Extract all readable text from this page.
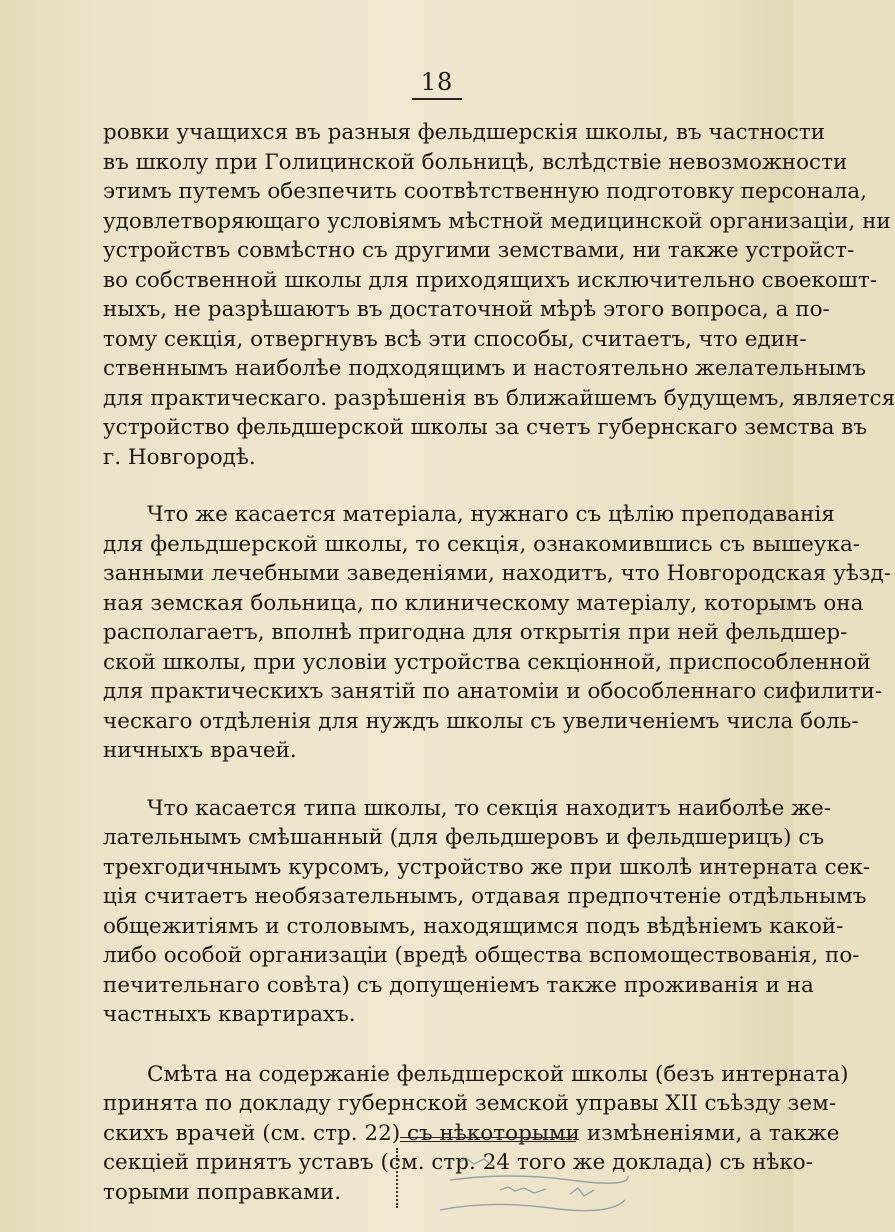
18
ровки учащихся въ разныя фельдшерскія школы, въ частности
въ школу при Голицинской больницѣ, вслѣдствіе невозможности
этимъ путемъ обезпечить соотвѣтственную подготовку персонала,
удовлетворяющаго условіямъ мѣстной медицинской организаціи, ни
устройствъ совмѣстно съ другими земствами, ни также устройст-
во собственной школы для приходящихъ исключительно своекошт-
ныхъ, не разрѣшаютъ въ достаточной мѣрѣ этого вопроса, а по-
тому секція, отвергнувъ всѣ эти способы, считаетъ, что един-
ственнымъ наиболѣе подходящимъ и настоятельно желательнымъ
для практическаго. разрѣшенія въ ближайшемъ будущемъ, является
устройство фельдшерской школы за счетъ губернскаго земства въ
г. Новгородѣ.
Что же касается матеріала, нужнаго съ цѣлію преподаванія
для фельдшерской школы, то секція, ознакомившись съ вышеука-
занными лечебными заведеніями, находитъ, что Новгородская уѣзд-
ная земская больница, по клиническому матеріалу, которымъ она
располагаетъ, вполнѣ пригодна для открытія при ней фельдшер-
ской школы, при условіи устройства секціонной, приспособленной
для практическихъ занятій по анатоміи и обособленнаго сифилити-
ческаго отдѣленія для нуждъ школы съ увеличеніемъ числа боль-
ничныхъ врачей.
Что касается типа школы, то секція находитъ наиболѣе же-
лательнымъ смѣшанный (для фельдшеровъ и фельдшерицъ) съ
трехгодичнымъ курсомъ, устройство же при школѣ интерната сек-
ція считаетъ необязательнымъ, отдавая предпочтеніе отдѣльнымъ
общежитіямъ и столовымъ, находящимся подъ вѣдѣніемъ какой-
либо особой организаціи (вредѣ общества вспомоществованія, по-
печительнаго совѣта) съ допущеніемъ также проживанія и на
частныхъ квартирахъ.
Смѣта на содержаніе фельдшерской школы (безъ интерната)
принята по докладу губернской земской управы XII съѣзду зем-
скихъ врачей (см. стр. 22) съ нѣкоторыми измѣненіями, а также
секціей принятъ уставъ (см. стр. 24 того же доклада) съ нѣко-
торыми поправками.
